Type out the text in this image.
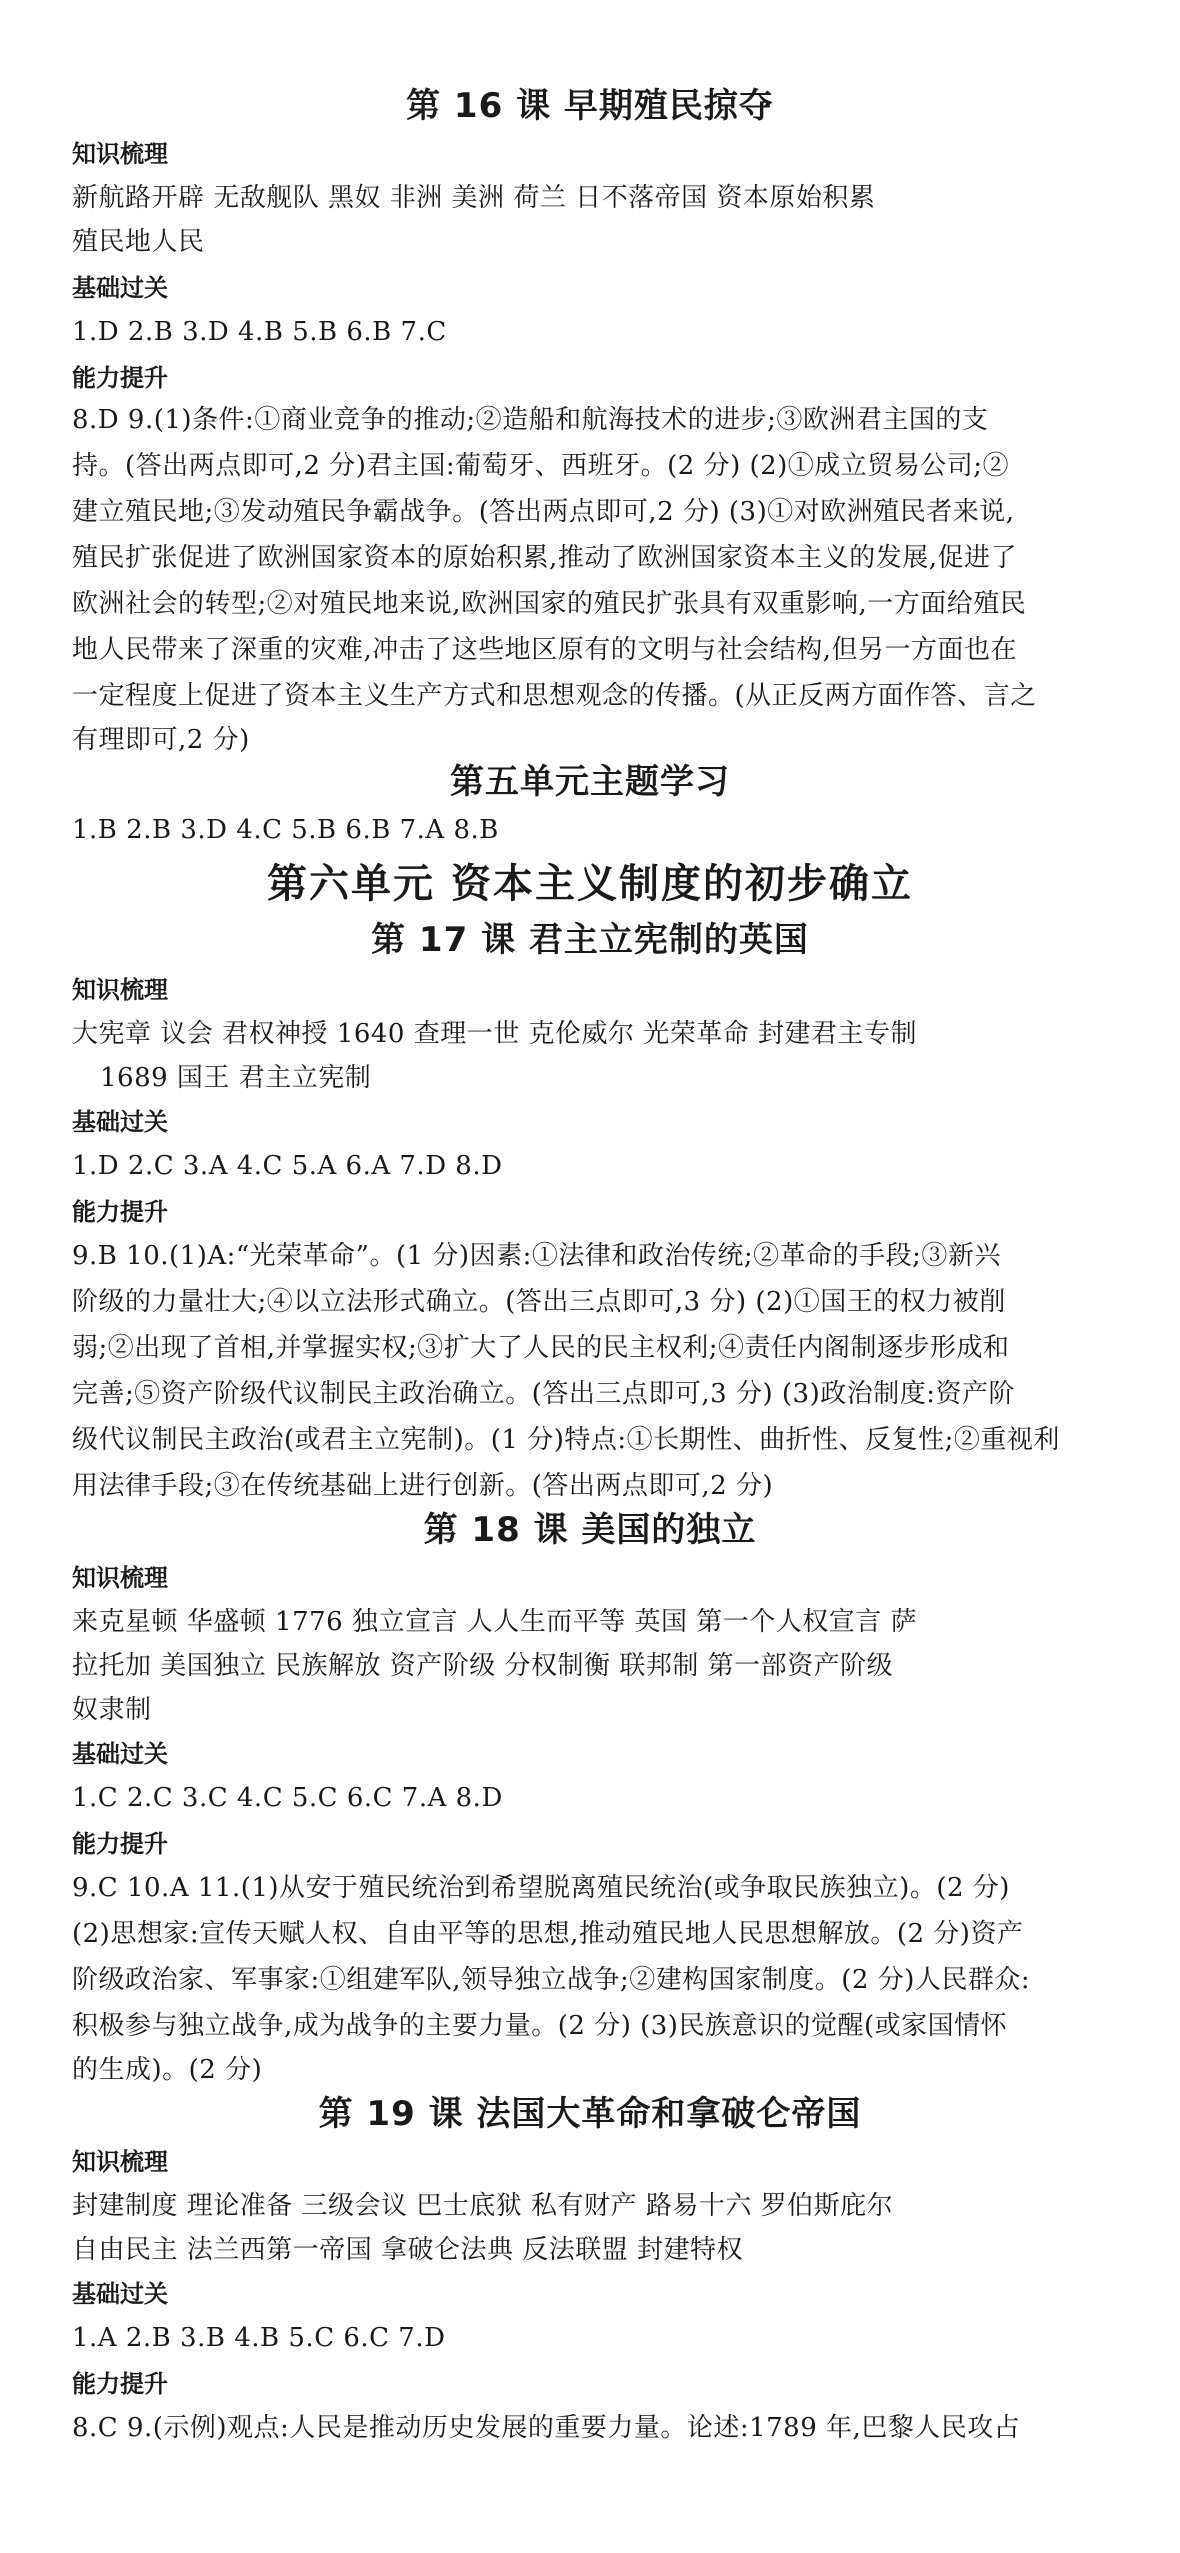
第 16 课 早期殖民掠夺
知识梳理
新航路开辟 无敌舰队 黑奴 非洲 美洲 荷兰 日不落帝国 资本原始积累
殖民地人民
基础过关
1.D 2.B 3.D 4.B 5.B 6.B 7.C
能力提升
8.D 9.(1)条件:①商业竞争的推动;②造船和航海技术的进步;③欧洲君主国的支
持。(答出两点即可,2 分)君主国:葡萄牙、西班牙。(2 分) (2)①成立贸易公司;②
建立殖民地;③发动殖民争霸战争。(答出两点即可,2 分) (3)①对欧洲殖民者来说,
殖民扩张促进了欧洲国家资本的原始积累,推动了欧洲国家资本主义的发展,促进了
欧洲社会的转型;②对殖民地来说,欧洲国家的殖民扩张具有双重影响,一方面给殖民
地人民带来了深重的灾难,冲击了这些地区原有的文明与社会结构,但另一方面也在
一定程度上促进了资本主义生产方式和思想观念的传播。(从正反两方面作答、言之
有理即可,2 分)
第五单元主题学习
1.B 2.B 3.D 4.C 5.B 6.B 7.A 8.B
第六单元 资本主义制度的初步确立
第 17 课 君主立宪制的英国
知识梳理
大宪章 议会 君权神授 1640 查理一世 克伦威尔 光荣革命 封建君主专制
1689 国王 君主立宪制
基础过关
1.D 2.C 3.A 4.C 5.A 6.A 7.D 8.D
能力提升
9.B 10.(1)A:“光荣革命”。(1 分)因素:①法律和政治传统;②革命的手段;③新兴
阶级的力量壮大;④以立法形式确立。(答出三点即可,3 分) (2)①国王的权力被削
弱;②出现了首相,并掌握实权;③扩大了人民的民主权利;④责任内阁制逐步形成和
完善;⑤资产阶级代议制民主政治确立。(答出三点即可,3 分) (3)政治制度:资产阶
级代议制民主政治(或君主立宪制)。(1 分)特点:①长期性、曲折性、反复性;②重视利
用法律手段;③在传统基础上进行创新。(答出两点即可,2 分)
第 18 课 美国的独立
知识梳理
来克星顿 华盛顿 1776 独立宣言 人人生而平等 英国 第一个人权宣言 萨
拉托加 美国独立 民族解放 资产阶级 分权制衡 联邦制 第一部资产阶级
奴隶制
基础过关
1.C 2.C 3.C 4.C 5.C 6.C 7.A 8.D
能力提升
9.C 10.A 11.(1)从安于殖民统治到希望脱离殖民统治(或争取民族独立)。(2 分)
(2)思想家:宣传天赋人权、自由平等的思想,推动殖民地人民思想解放。(2 分)资产
阶级政治家、军事家:①组建军队,领导独立战争;②建构国家制度。(2 分)人民群众:
积极参与独立战争,成为战争的主要力量。(2 分) (3)民族意识的觉醒(或家国情怀
的生成)。(2 分)
第 19 课 法国大革命和拿破仑帝国
知识梳理
封建制度 理论准备 三级会议 巴士底狱 私有财产 路易十六 罗伯斯庇尔
自由民主 法兰西第一帝国 拿破仑法典 反法联盟 封建特权
基础过关
1.A 2.B 3.B 4.B 5.C 6.C 7.D
能力提升
8.C 9.(示例)观点:人民是推动历史发展的重要力量。论述:1789 年,巴黎人民攻占
